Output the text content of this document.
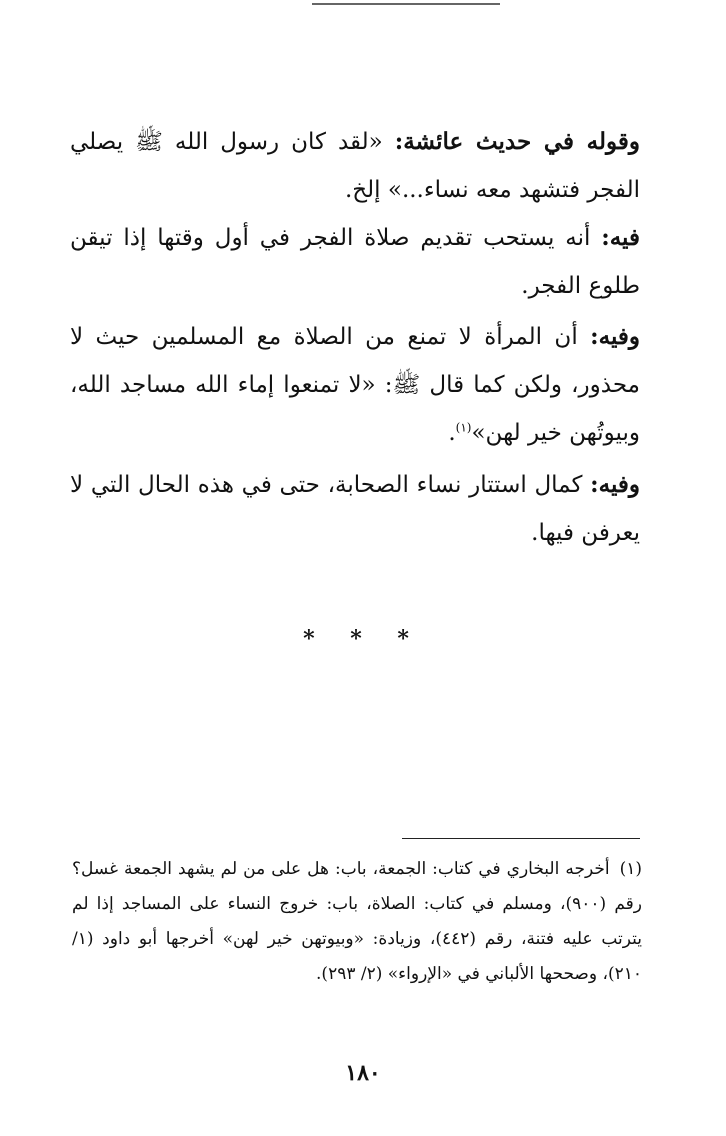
وقوله في حديث عائشة: «لقد كان رسول الله ﷺ يصلي الفجر فتشهد معه نساء...» إلخ.

فيه: أنه يستحب تقديم صلاة الفجر في أول وقتها إذا تيقن طلوع الفجر.

وفيه: أن المرأة لا تمنع من الصلاة مع المسلمين حيث لا محذور، ولكن كما قال ﷺ: «لا تمنعوا إماء الله مساجد الله، وبيوتُهن خير لهن»$^{(١)}$.

وفيه: كمال استتار نساء الصحابة، حتى في هذه الحال التي لا يعرفن فيها.

* * *
(١)أخرجه البخاري في كتاب: الجمعة، باب: هل على من لم يشهد الجمعة غسل؟ رقم (٩٠٠)، ومسلم في كتاب: الصلاة، باب: خروج النساء على المساجد إذا لم يترتب عليه فتنة، رقم (٤٤٢)، وزيادة: «وبيوتهن خير لهن» أخرجها أبو داود (١/ ٢١٠)، وصححها الألباني في «الإرواء» (٢/ ٢٩٣).
١٨٠
